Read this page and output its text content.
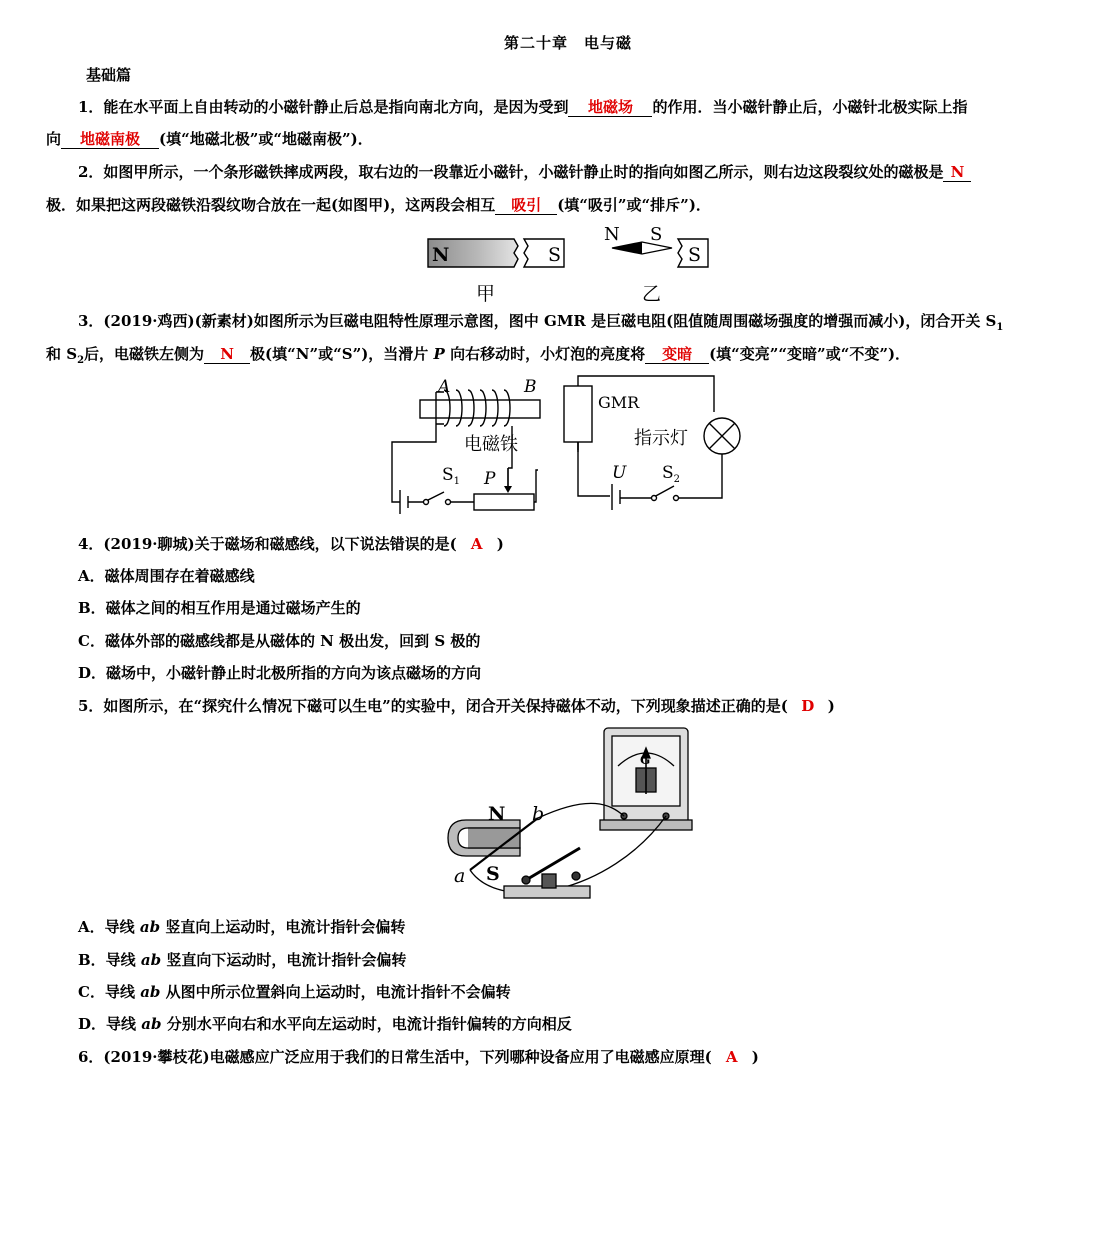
第二十章　电与磁
基础篇
1．能在水平面上自由转动的小磁针静止后总是指向南北方向，是因为受到 地磁场 的作用．当小磁针静止后，小磁针北极实际上指
向 地磁南极 (填“地磁北极”或“地磁南极”)．
2．如图甲所示，一个条形磁铁摔成两段，取右边的一段靠近小磁针，小磁针静止时的指向如图乙所示，则右边这段裂纹处的磁极是 N
极．如果把这两段磁铁沿裂纹吻合放在一起(如图甲)，这两段会相互 吸引 (填“吸引”或“排斥”)．
N	S
甲
N S
S
乙
3．(2019·鸡西)(新素材)如图所示为巨磁电阻特性原理示意图，图中 GMR 是巨磁电阻(阻值随周围磁场强度的增强而减小)，闭合开关 $S_1$
和 $S_2$后，电磁铁左侧为 N 极(填“N”或“S”)，当滑片 P 向右移动时，小灯泡的亮度将 变暗 (填“变亮”“变暗”或“不变”)．
A	B
电磁铁
GMR
指示灯
$S_1$ P	U $S_2$
4．(2019·聊城)关于磁场和磁感线，以下说法错误的是( A )
A．磁体周围存在着磁感线
B．磁体之间的相互作用是通过磁场产生的
C．磁体外部的磁感线都是从磁体的 N 极出发，回到 S 极的
D．磁场中，小磁针静止时北极所指的方向为该点磁场的方向
5．如图所示，在“探究什么情况下磁可以生电”的实验中，闭合开关保持磁体不动，下列现象描述正确的是( D )
N b
a S
G
A．导线 ab 竖直向上运动时，电流计指针会偏转
B．导线 ab 竖直向下运动时，电流计指针会偏转
C．导线 ab 从图中所示位置斜向上运动时，电流计指针不会偏转
D．导线 ab 分别水平向右和水平向左运动时，电流计指针偏转的方向相反
6．(2019·攀枝花)电磁感应广泛应用于我们的日常生活中，下列哪种设备应用了电磁感应原理( A )
